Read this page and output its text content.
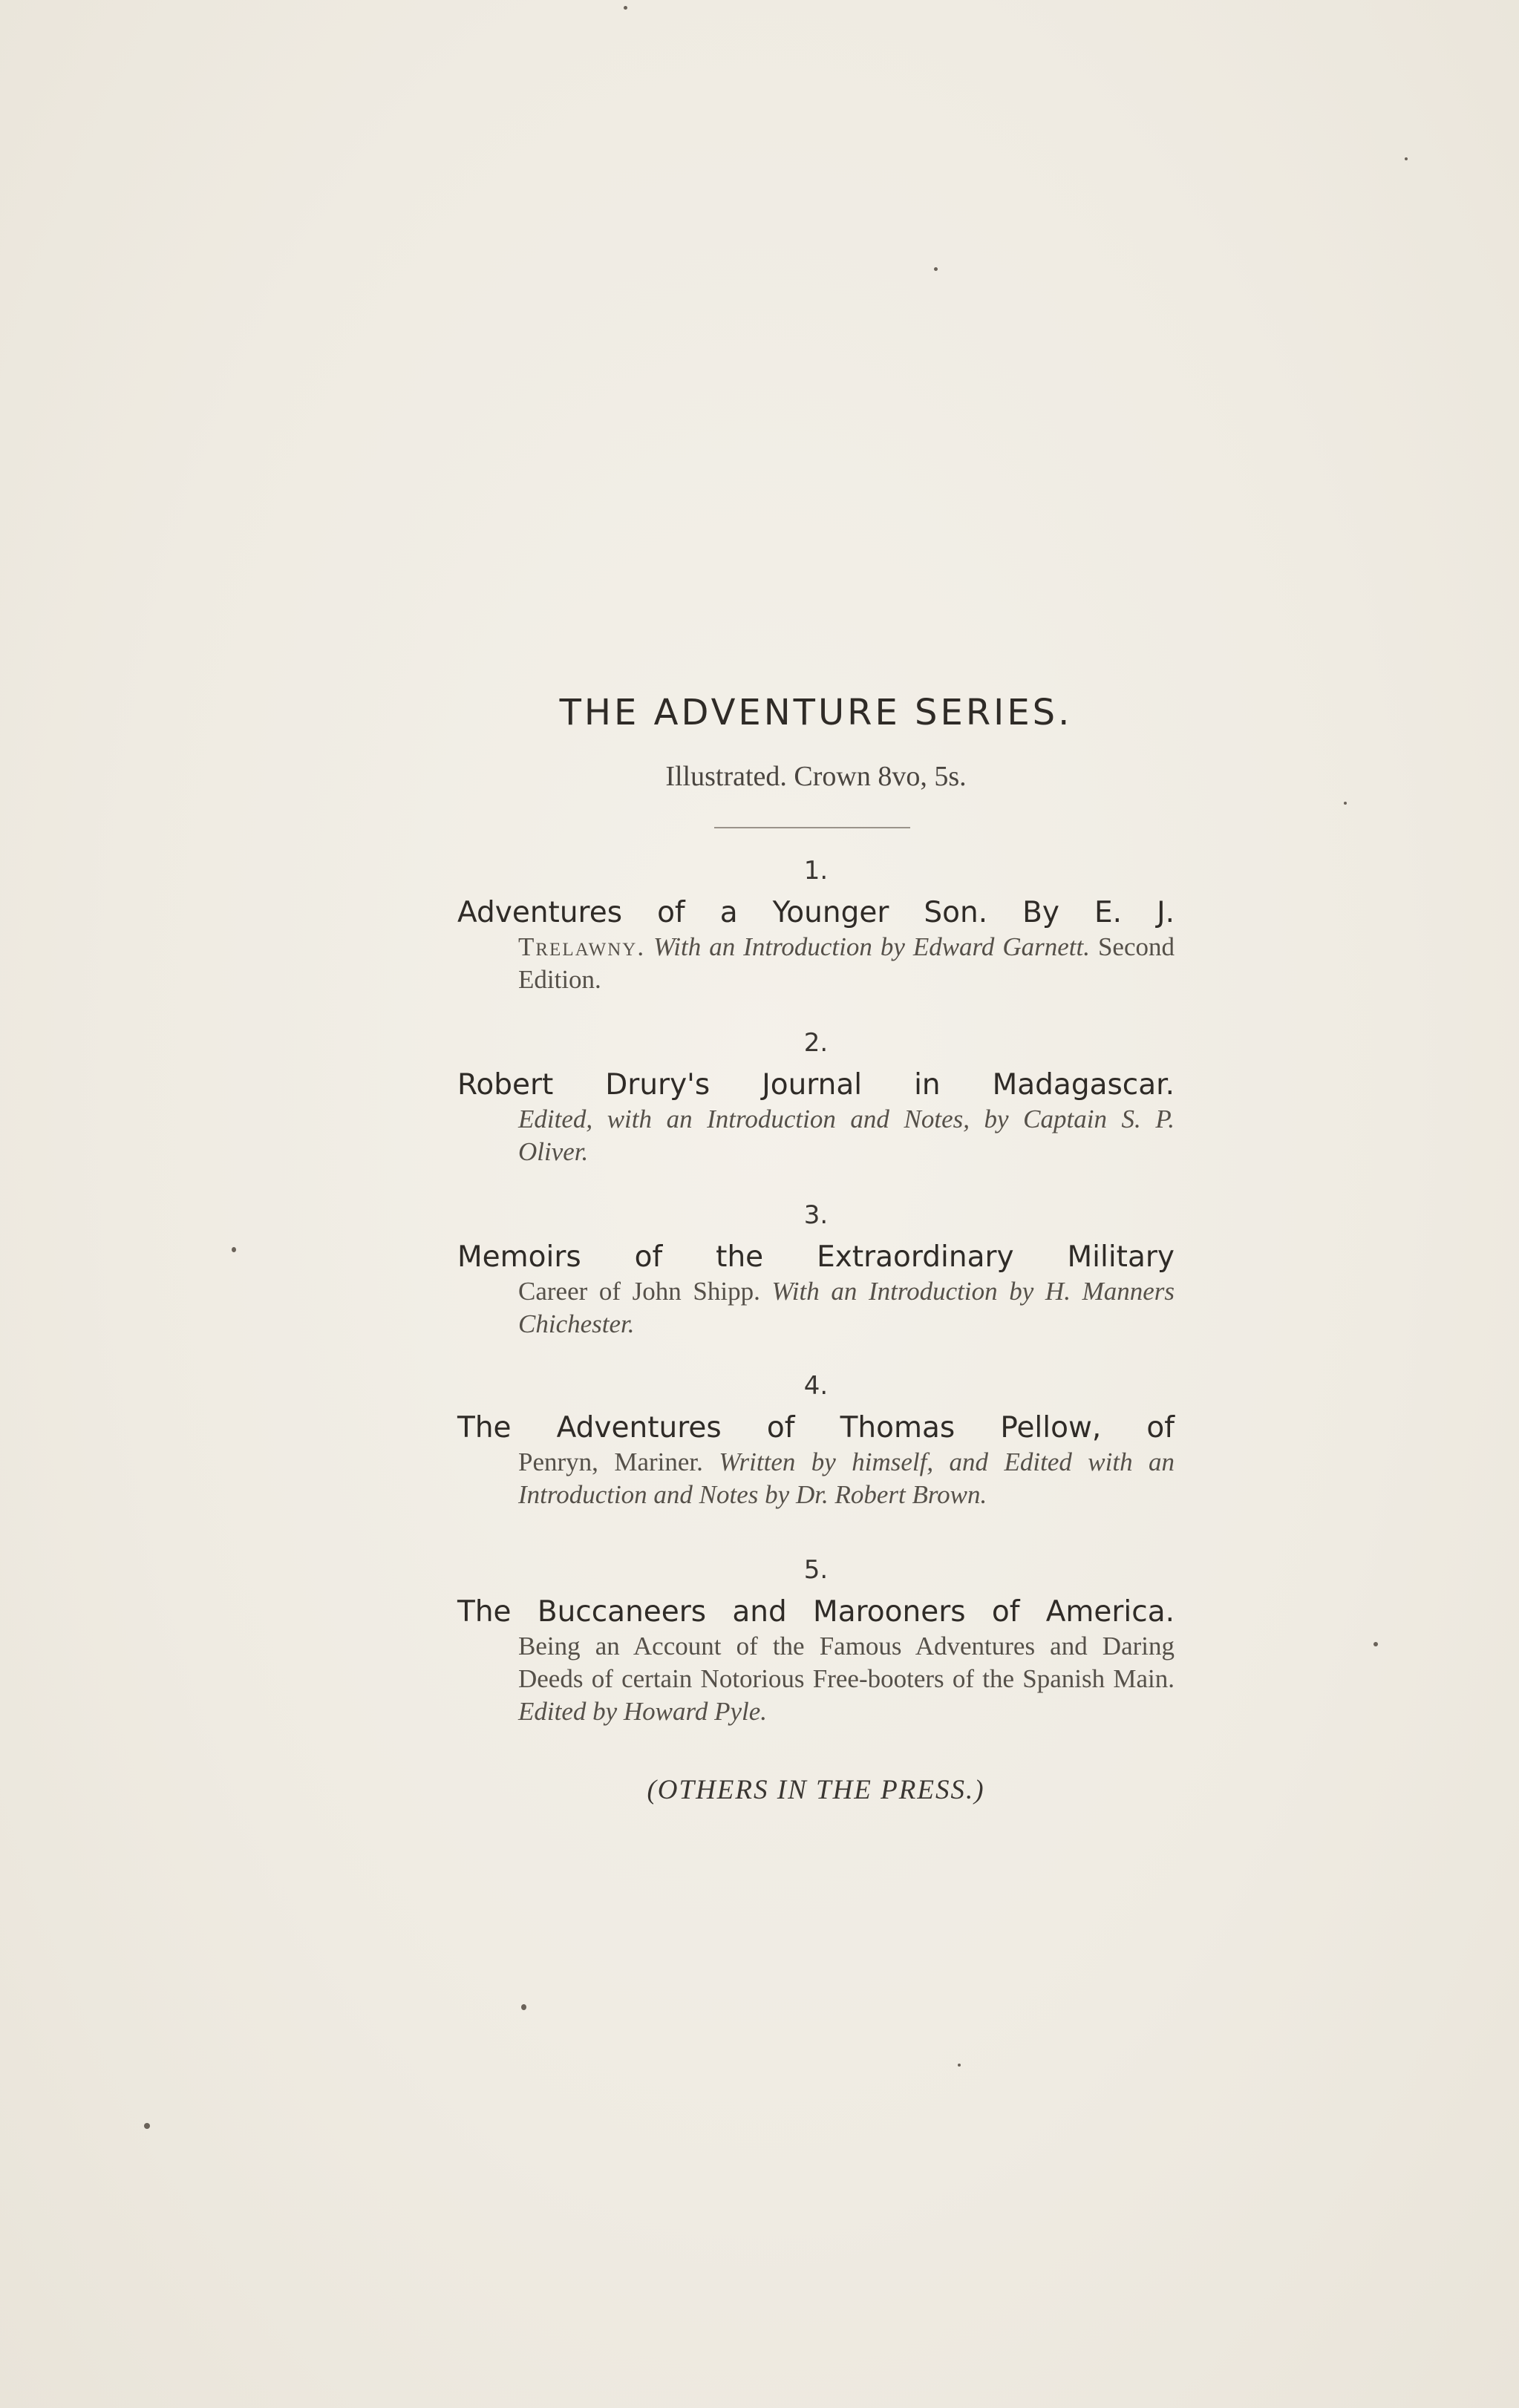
THE ADVENTURE SERIES.
Illustrated. Crown 8vo, 5s.
1.
Adventures of a Younger Son. By E. J.
Trelawny. With an Introduction by Edward Garnett. Second Edition.
2.
Robert Drury's Journal in Madagascar.
Edited, with an Introduction and Notes, by Captain S. P. Oliver.
3.
Memoirs of the Extraordinary Military
Career of John Shipp. With an Introduction by H. Manners Chichester.
4.
The Adventures of Thomas Pellow, of
Penryn, Mariner. Written by himself, and Edited with an Introduction and Notes by Dr. Robert Brown.
5.
The Buccaneers and Marooners of America.
Being an Account of the Famous Adventures and Daring Deeds of certain Notorious Free-booters of the Spanish Main. Edited by Howard Pyle.
(OTHERS IN THE PRESS.)
